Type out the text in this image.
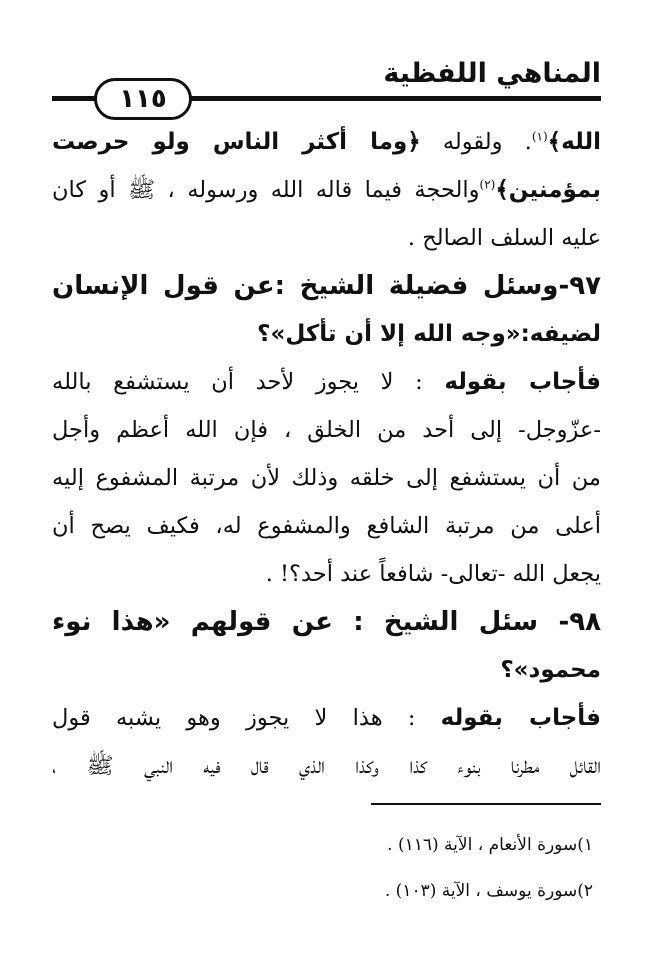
المناهي اللفظية
١١٥
الله﴾$^{(١)}$. ولقوله ﴿وما أكثر الناس ولو حرصت
بمؤمنين﴾$^{(٢)}$والحجة فيما قاله الله ورسوله ، ﷺ أو كان
عليه السلف الصالح .
٩٧-وسئل فضيلة الشيخ :عن قول الإنسان
لضيفه:«وجه الله إلا أن تأكل»؟
فأجاب بقوله : لا يجوز لأحد أن يستشفع بالله
-عزّوجل- إلى أحد من الخلق ، فإن الله أعظم وأجل
من أن يستشفع إلى خلقه وذلك لأن مرتبة المشفوع إليه
أعلى من مرتبة الشافع والمشفوع له، فكيف يصح أن
يجعل الله -تعالى- شافعاً عند أحد؟! .
٩٨- سئل الشيخ : عن قولهم «هذا نوء
محمود»؟
فأجاب بقوله : هذا لا يجوز وهو يشبه قول
القائل مطرنا بنوء كذا وكذا الذي قال فيه النبي ﷺ ،
١)سورة الأنعام ، الآية (١١٦) .
٢)سورة يوسف ، الآية (١٠٣) .
